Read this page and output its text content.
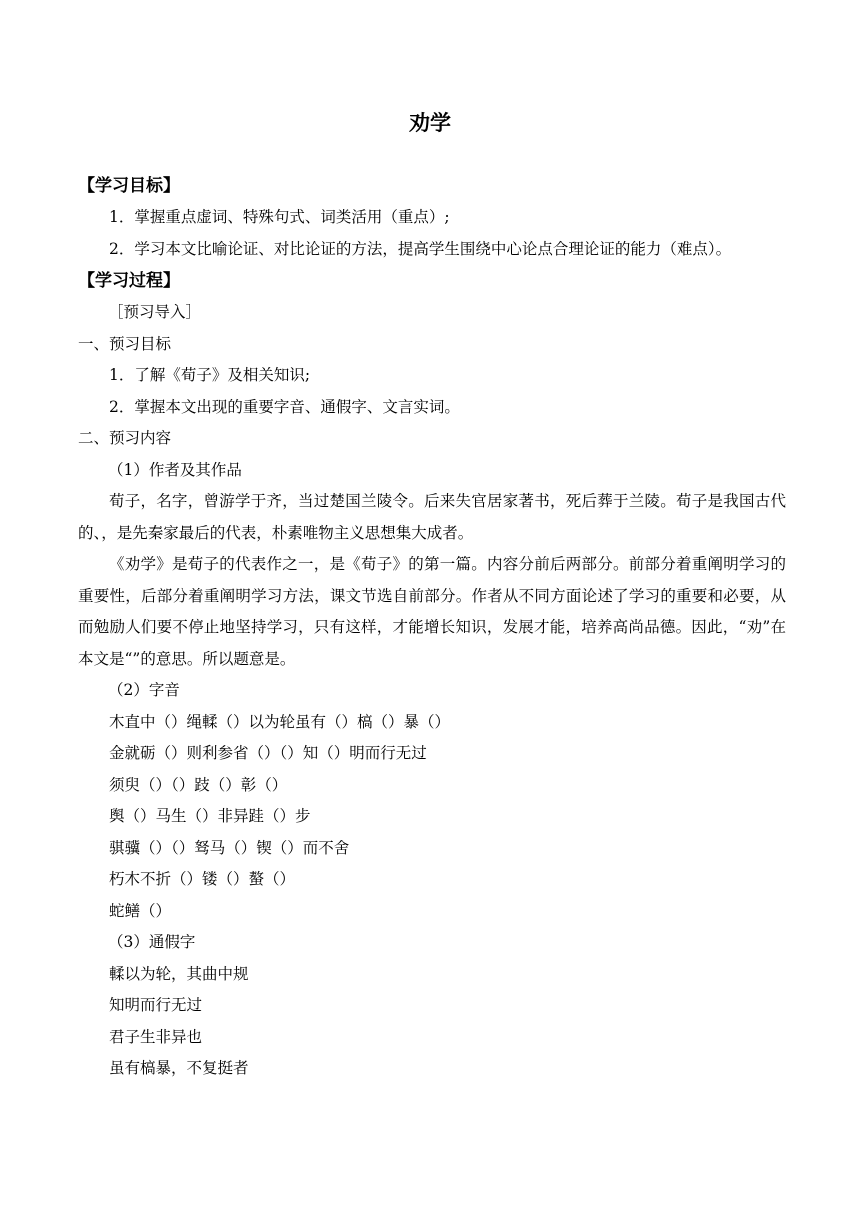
劝学
【学习目标】
1．掌握重点虚词、特殊句式、词类活用（重点）;
2．学习本文比喻论证、对比论证的方法，提高学生围绕中心论点合理论证的能力（难点）。
【学习过程】
［预习导入］
一、预习目标
1．了解《荀子》及相关知识;
2．掌握本文出现的重要字音、通假字、文言实词。
二、预习内容
（1）作者及其作品

荀子，名字，曾游学于齐，当过楚国兰陵令。后来失官居家著书，死后葬于兰陵。荀子是我国古代的、，是先秦家最后的代表，朴素唯物主义思想集大成者。

《劝学》是荀子的代表作之一，是《荀子》的第一篇。内容分前后两部分。前部分着重阐明学习的重要性，后部分着重阐明学习方法，课文节选自前部分。作者从不同方面论述了学习的重要和必要，从而勉励人们要不停止地坚持学习，只有这样，才能增长知识，发展才能，培养高尚品德。因此，“劝”在本文是“”的意思。所以题意是。

（2）字音
木直中（）绳輮（）以为轮虽有（）槁（）暴（）
金就砺（）则利参省（）（）知（）明而行无过
须臾（）（）跂（）彰（）
舆（）马生（）非异跬（）步
骐骥（）（）驽马（）锲（）而不舍
朽木不折（）镂（）螯（）
蛇鳝（）
（3）通假字
輮以为轮，其曲中规
知明而行无过
君子生非异也
虽有槁暴，不复挺者
